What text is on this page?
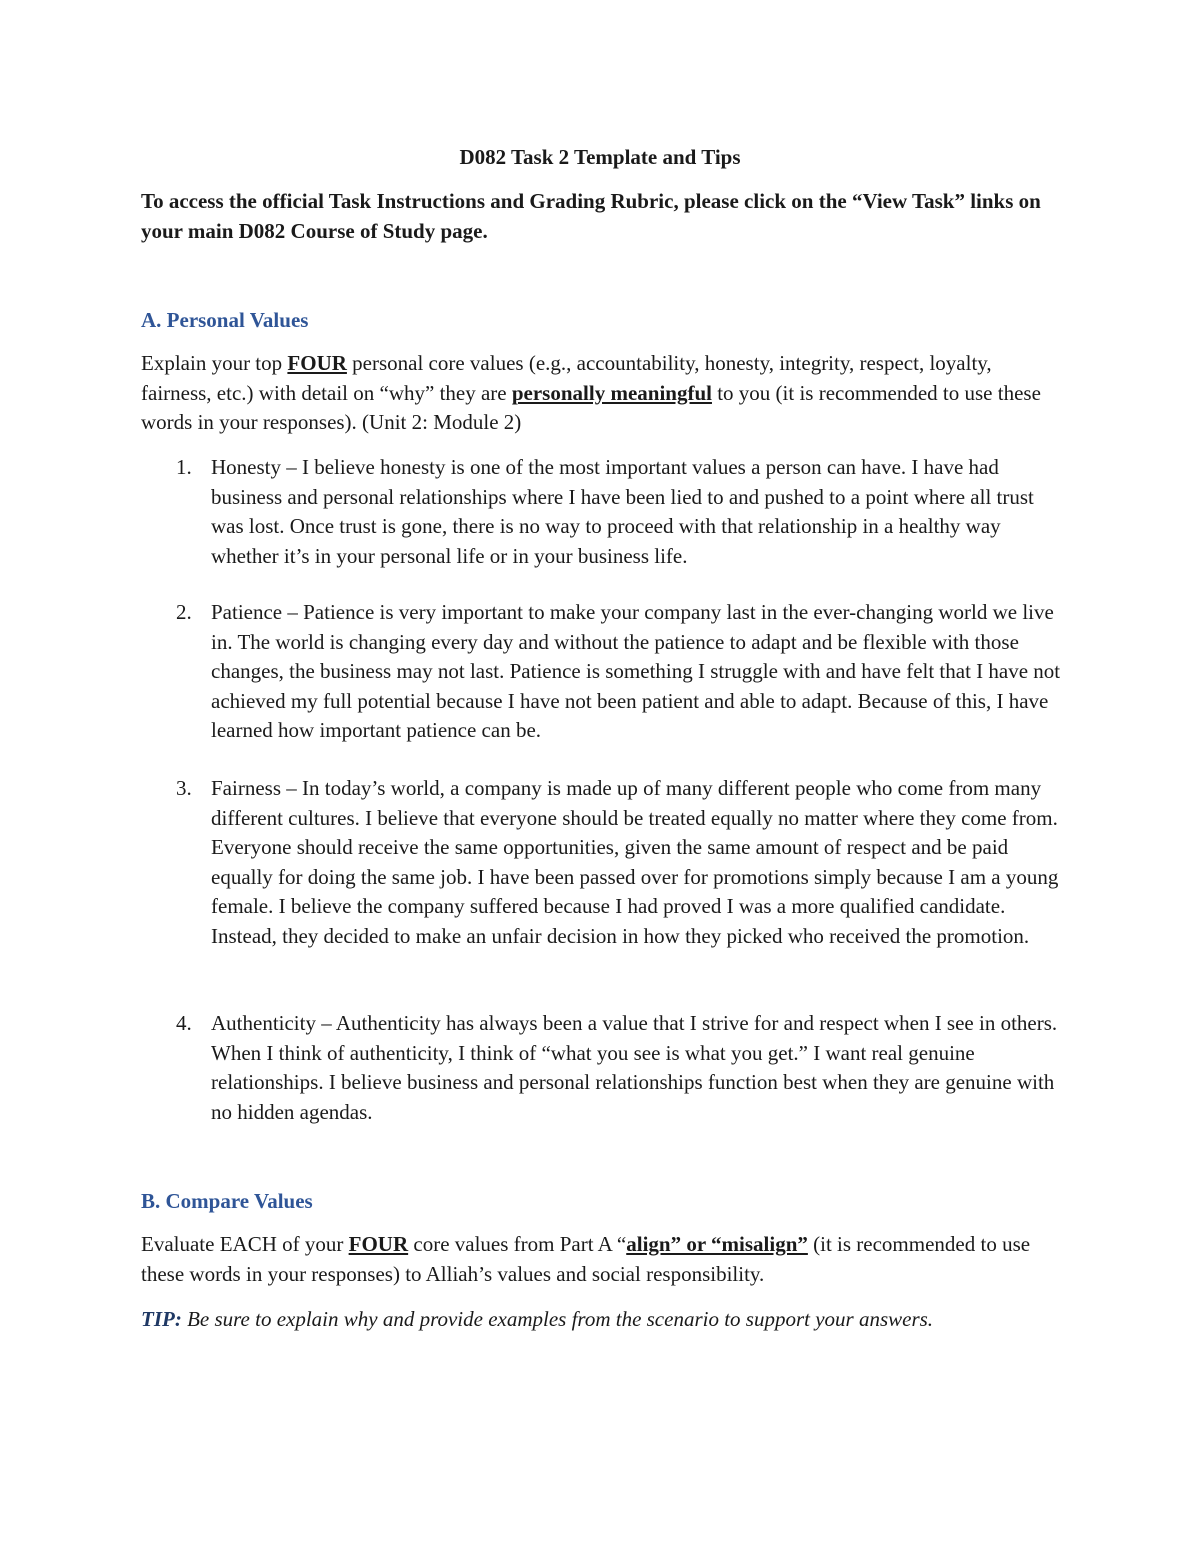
D082 Task 2 Template and Tips
To access the official Task Instructions and Grading Rubric, please click on the “View Task” links on your main D082 Course of Study page.
A. Personal Values
Explain your top FOUR personal core values (e.g., accountability, honesty, integrity, respect, loyalty, fairness, etc.) with detail on “why” they are personally meaningful to you (it is recommended to use these words in your responses). (Unit 2: Module 2)
1. Honesty – I believe honesty is one of the most important values a person can have. I have had business and personal relationships where I have been lied to and pushed to a point where all trust was lost. Once trust is gone, there is no way to proceed with that relationship in a healthy way whether it’s in your personal life or in your business life.
2. Patience – Patience is very important to make your company last in the ever-changing world we live in. The world is changing every day and without the patience to adapt and be flexible with those changes, the business may not last. Patience is something I struggle with and have felt that I have not achieved my full potential because I have not been patient and able to adapt. Because of this, I have learned how important patience can be.
3. Fairness – In today’s world, a company is made up of many different people who come from many different cultures. I believe that everyone should be treated equally no matter where they come from. Everyone should receive the same opportunities, given the same amount of respect and be paid equally for doing the same job. I have been passed over for promotions simply because I am a young female. I believe the company suffered because I had proved I was a more qualified candidate. Instead, they decided to make an unfair decision in how they picked who received the promotion.
4. Authenticity – Authenticity has always been a value that I strive for and respect when I see in others. When I think of authenticity, I think of “what you see is what you get.” I want real genuine relationships. I believe business and personal relationships function best when they are genuine with no hidden agendas.
B. Compare Values
Evaluate EACH of your FOUR core values from Part A “align” or “misalign” (it is recommended to use these words in your responses) to Alliah’s values and social responsibility.
TIP: Be sure to explain why and provide examples from the scenario to support your answers.
